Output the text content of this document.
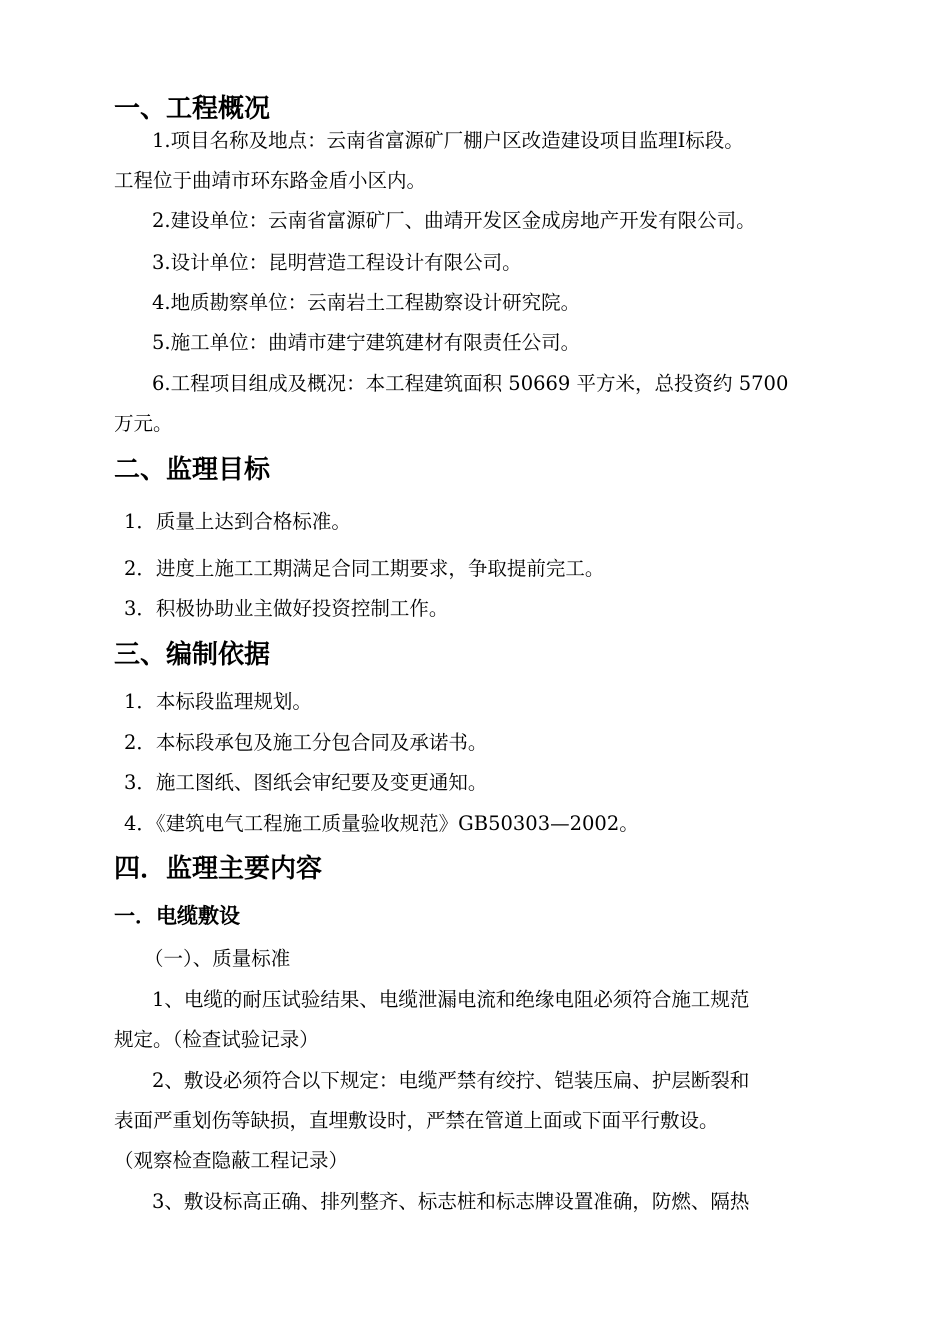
一、工程概况
1.项目名称及地点：云南省富源矿厂棚户区改造建设项目监理Ⅰ标段。
工程位于曲靖市环东路金盾小区内。
2.建设单位：云南省富源矿厂、曲靖开发区金成房地产开发有限公司。
3.设计单位：昆明营造工程设计有限公司。
4.地质勘察单位：云南岩土工程勘察设计研究院。
5.施工单位：曲靖市建宁建筑建材有限责任公司。
6.工程项目组成及概况：本工程建筑面积 50669 平方米，总投资约 5700
万元。
二、监理目标
1．质量上达到合格标准。
2．进度上施工工期满足合同工期要求，争取提前完工。
3．积极协助业主做好投资控制工作。
三、编制依据
1．本标段监理规划。
2．本标段承包及施工分包合同及承诺书。
3．施工图纸、图纸会审纪要及变更通知。
4．《建筑电气工程施工质量验收规范》GB50303—2002。
四．监理主要内容
一．电缆敷设
（一）、质量标准
1、电缆的耐压试验结果、电缆泄漏电流和绝缘电阻必须符合施工规范
规定。（检查试验记录）
2、敷设必须符合以下规定：电缆严禁有绞拧、铠装压扁、护层断裂和
表面严重划伤等缺损，直埋敷设时，严禁在管道上面或下面平行敷设。
（观察检查隐蔽工程记录）
3、敷设标高正确、排列整齐、标志桩和标志牌设置准确，防燃、隔热
